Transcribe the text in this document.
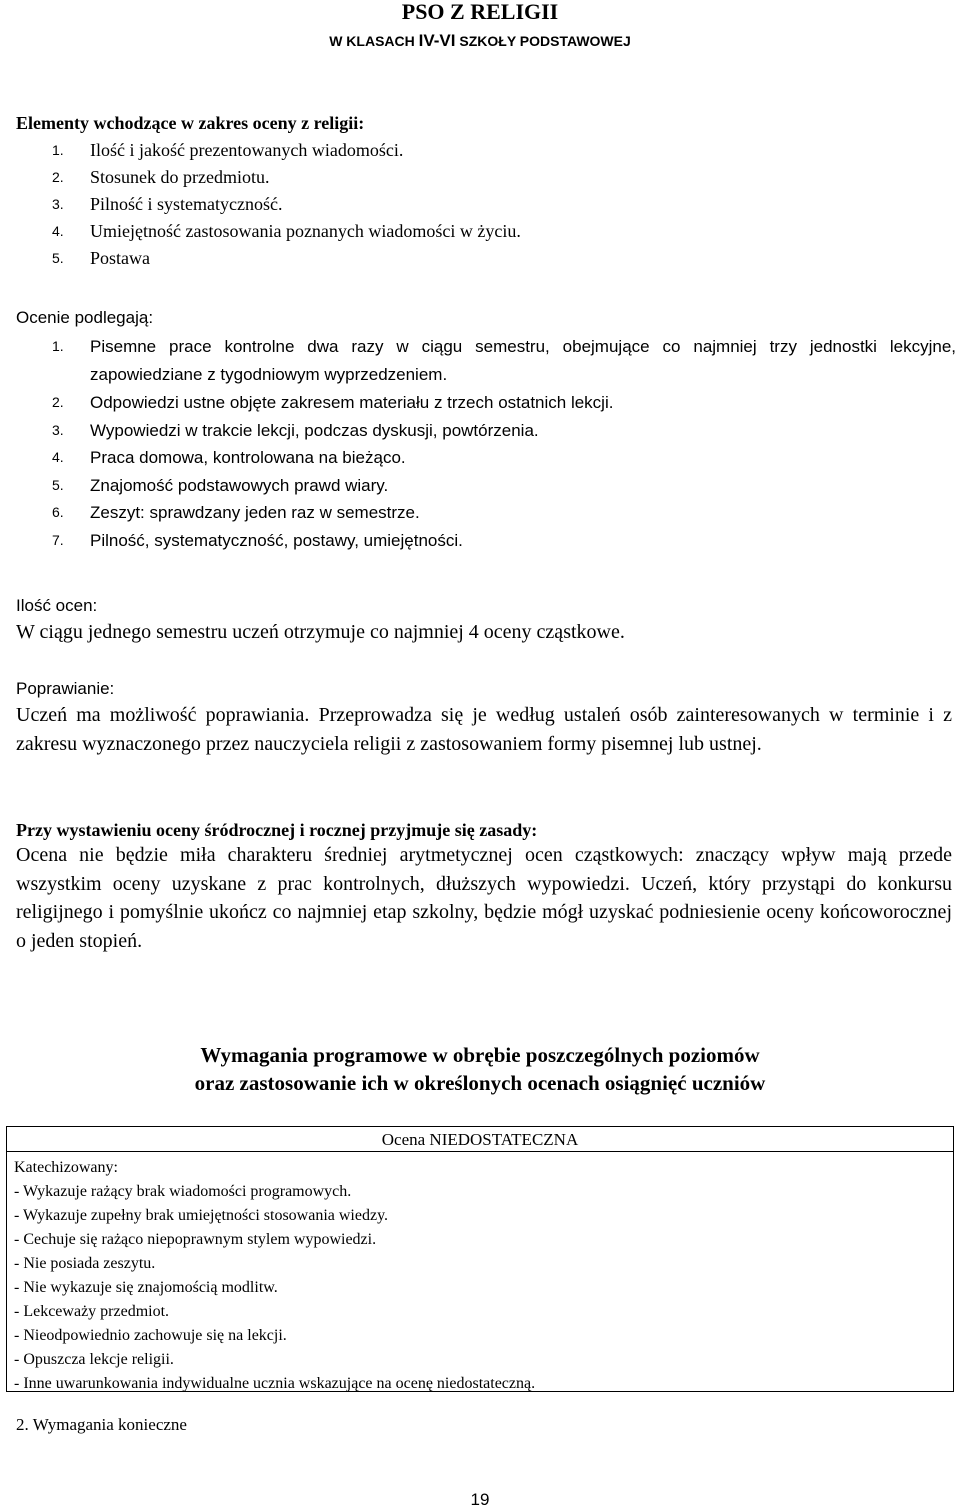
PSO Z RELIGII
W KLASACH IV-VI SZKOŁY PODSTAWOWEJ
Elementy wchodzące w zakres oceny z religii:
1. Ilość i jakość prezentowanych wiadomości.
2. Stosunek do przedmiotu.
3. Pilność i systematyczność.
4. Umiejętność zastosowania poznanych wiadomości w życiu.
5. Postawa
Ocenie podlegają:
1. Pisemne prace kontrolne dwa razy w ciągu semestru, obejmujące co najmniej trzy jednostki lekcyjne, zapowiedziane z tygodniowym wyprzedzeniem.
2. Odpowiedzi ustne objęte zakresem materiału z trzech ostatnich lekcji.
3. Wypowiedzi w trakcie lekcji, podczas dyskusji, powtórzenia.
4. Praca domowa, kontrolowana na bieżąco.
5. Znajomość podstawowych prawd wiary.
6. Zeszyt: sprawdzany jeden raz w semestrze.
7. Pilność, systematyczność, postawy, umiejętności.
Ilość ocen:

W ciągu jednego semestru uczeń otrzymuje co najmniej 4 oceny cząstkowe.

Poprawianie:

Uczeń ma możliwość poprawiania. Przeprowadza się je według ustaleń osób zainteresowanych w terminie i z zakresu wyznaczonego przez nauczyciela religii z zastosowaniem formy pisemnej lub ustnej.

Przy wystawieniu oceny śródrocznej i rocznej przyjmuje się zasady:

Ocena nie będzie miła charakteru średniej arytmetycznej ocen cząstkowych: znaczący wpływ mają przede wszystkim oceny uzyskane z prac kontrolnych, dłuższych wypowiedzi. Uczeń, który przystąpi do konkursu religijnego i pomyślnie ukończ co najmniej etap szkolny, będzie mógł uzyskać podniesienie oceny końcoworocznej o jeden stopień.

Wymagania programowe w obrębie poszczególnych poziomów
oraz zastosowanie ich w określonych ocenach osiągnięć uczniów
Ocena NIEDOSTATECZNA
Katechizowany:
- Wykazuje rażący brak wiadomości programowych.
- Wykazuje zupełny brak umiejętności stosowania wiedzy.
- Cechuje się rażąco niepoprawnym stylem wypowiedzi.
- Nie posiada zeszytu.
- Nie wykazuje się znajomością modlitw.
- Lekceważy przedmiot.
- Nieodpowiednio zachowuje się na lekcji.
- Opuszcza lekcje religii.
- Inne uwarunkowania indywidualne ucznia wskazujące na ocenę niedostateczną.
2. Wymagania konieczne
19
